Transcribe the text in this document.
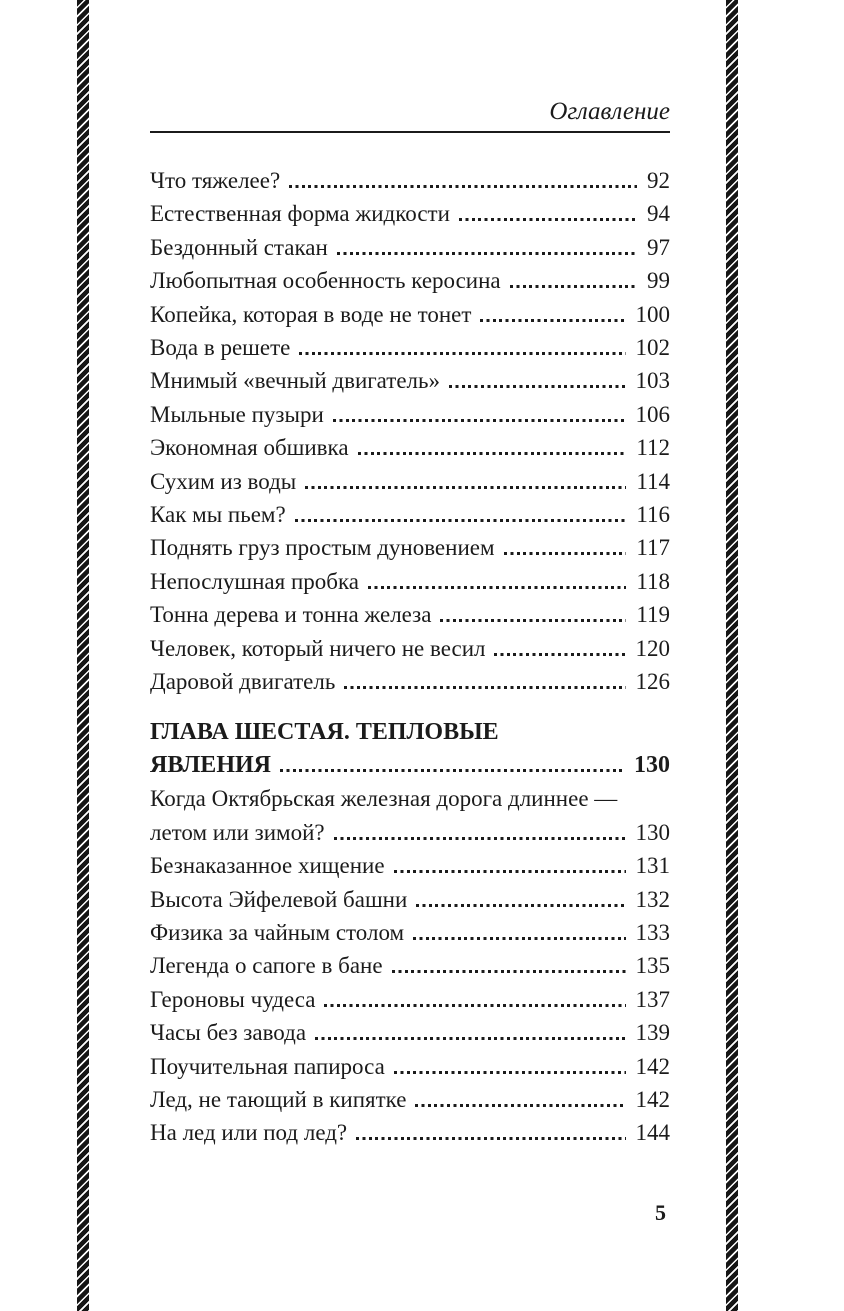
Оглавление
Что тяжелее?	92
Естественная форма жидкости	94
Бездонный стакан	97
Любопытная особенность керосина	99
Копейка, которая в воде не тонет	100
Вода в решете	102
Мнимый «вечный двигатель»	103
Мыльные пузыри	106
Экономная обшивка	112
Сухим из воды	114
Как мы пьем?	116
Поднять груз простым дуновением	117
Непослушная пробка	118
Тонна дерева и тонна железа	119
Человек, который ничего не весил	120
Даровой двигатель	126
ГЛАВА ШЕСТАЯ. ТЕПЛОВЫЕ
ЯВЛЕНИЯ	130
Когда Октябрьская железная дорога длиннее —
летом или зимой?	130
Безнаказанное хищение	131
Высота Эйфелевой башни	132
Физика за чайным столом	133
Легенда о сапоге в бане	135
Героновы чудеса	137
Часы без завода	139
Поучительная папироса	142
Лед, не тающий в кипятке	142
На лед или под лед?	144
5
